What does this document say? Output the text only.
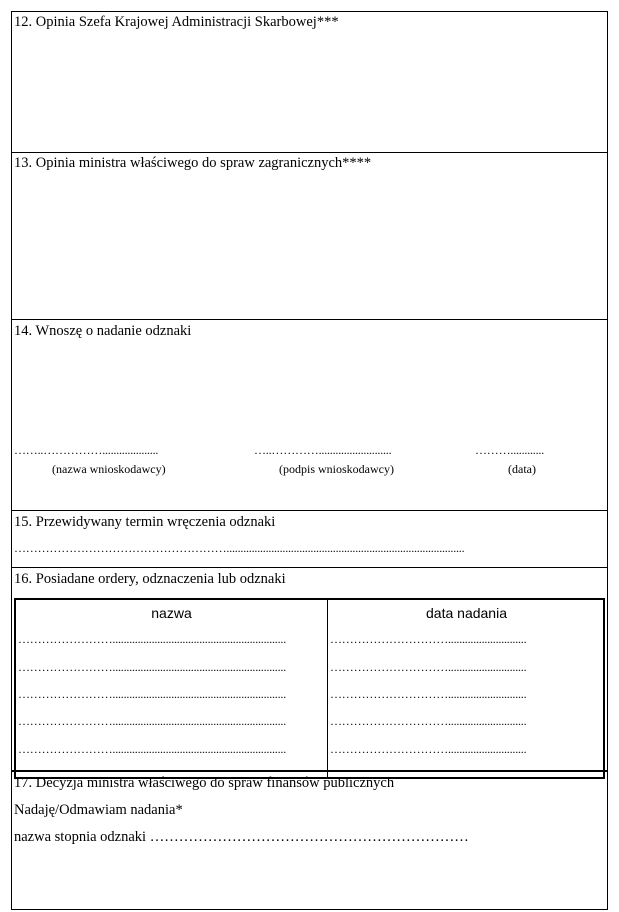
12. Opinia Szefa Krajowej Administracji Skarbowej***
13. Opinia ministra właściwego do spraw zagranicznych****
14. Wnoszę o nadanie odznaki
……..……………....................	…..…………..........................	………............
(nazwa wnioskodawcy)	(podpis wnioskodawcy)	(data)
15. Przewidywany termin wręczenia odznaki
……………………………………………….....................................................................................
16. Posiadane ordery, odznaczenia lub odznaki
nazwa	data nadania
……………………..............................................................	…………………………............................
……………………..............................................................	…………………………............................
……………………..............................................................	…………………………............................
……………………..............................................................	…………………………............................
……………………..............................................................	…………………………............................
17. Decyzja ministra właściwego do spraw finansów publicznych
Nadaję/Odmawiam nadania*
nazwa stopnia odznaki …………………………………………………………
